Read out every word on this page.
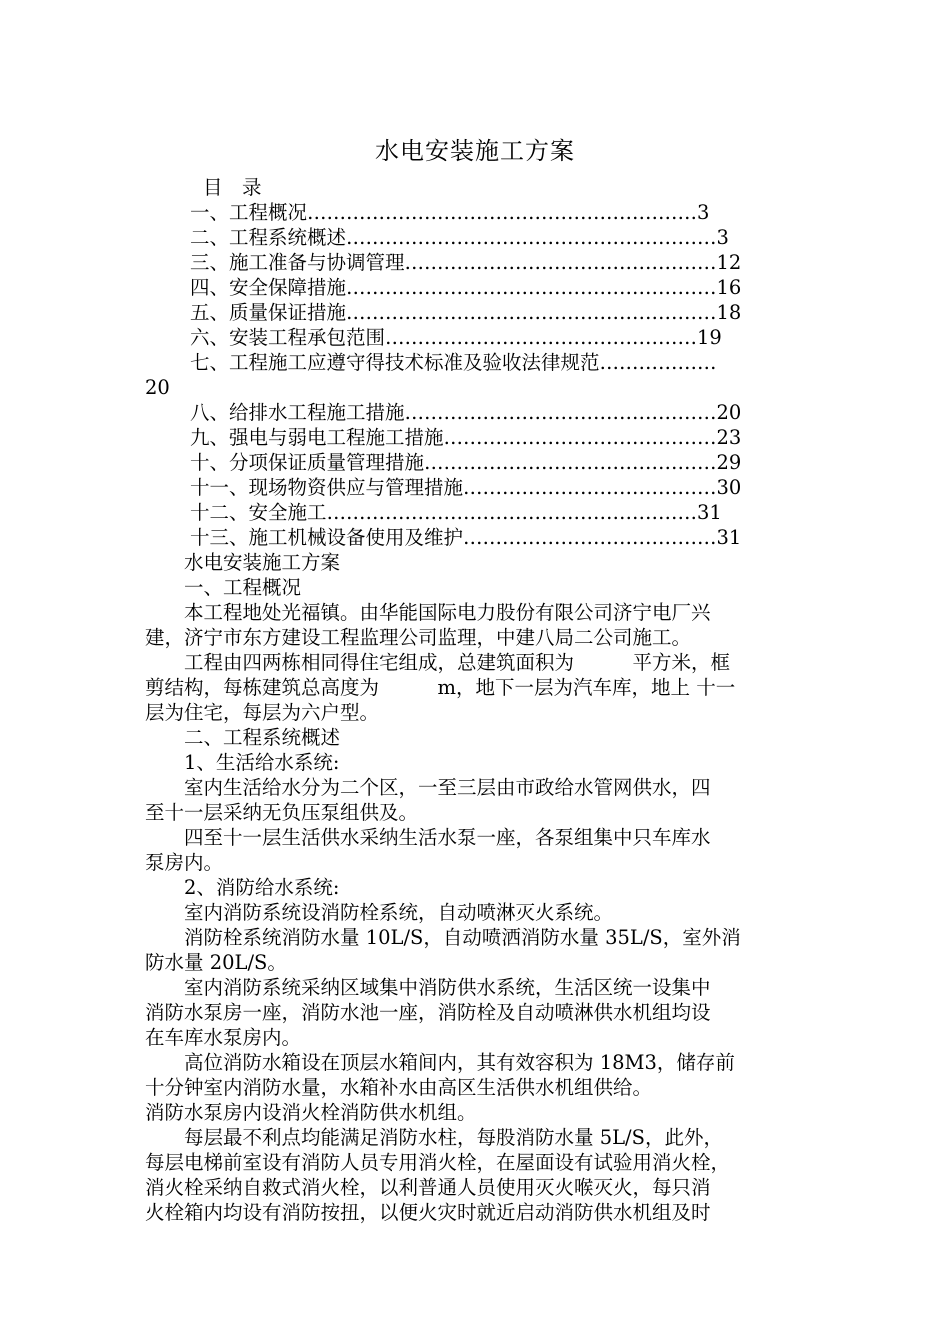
水电安装施工方案
目　录
一、工程概况……………………………………………………3
二、工程系统概述…………………………………………………3
三、施工准备与协调管理…………………………………………12
四、安全保障措施…………………………………………………16
五、质量保证措施…………………………………………………18
六、安装工程承包范围…………………………………………19
七、工程施工应遵守得技术标准及验收法律规范………………
20
八、给排水工程施工措施…………………………………………20
九、强电与弱电工程施工措施……………………………………23
十、分项保证质量管理措施………………………………………29
十一、现场物资供应与管理措施…………………………………30
十二、安全施工…………………………………………………31
十三、施工机械设备使用及维护…………………………………31
　　水电安装施工方案
　　一、工程概况
　　本工程地处光福镇。由华能国际电力股份有限公司济宁电厂兴
建，济宁市东方建设工程监理公司监理，中建八局二公司施工。
　　工程由四两栋相同得住宅组成，总建筑面积为　　　平方米，框
剪结构，每栋建筑总高度为　　　m，地下一层为汽车库，地上 十一
层为住宅，每层为六户型。
　　二、工程系统概述
　　1、生活给水系统:
　　室内生活给水分为二个区，一至三层由市政给水管网供水，四
至十一层采纳无负压泵组供及。
　　四至十一层生活供水采纳生活水泵一座，各泵组集中只车库水
泵房内。
　　2、消防给水系统:
　　室内消防系统设消防栓系统，自动喷淋灭火系统。
　　消防栓系统消防水量 10L/S，自动喷洒消防水量 35L/S，室外消
防水量 20L/S。
　　室内消防系统采纳区域集中消防供水系统，生活区统一设集中
消防水泵房一座，消防水池一座，消防栓及自动喷淋供水机组均设
在车库水泵房内。
　　高位消防水箱设在顶层水箱间内，其有效容积为 18M3，储存前
十分钟室内消防水量，水箱补水由高区生活供水机组供给。
消防水泵房内设消火栓消防供水机组。
　　每层最不利点均能满足消防水柱，每股消防水量 5L/S，此外，
每层电梯前室设有消防人员专用消火栓，在屋面设有试验用消火栓，
消火栓采纳自救式消火栓，以利普通人员使用灭火喉灭火，每只消
火栓箱内均设有消防按扭，以便火灾时就近启动消防供水机组及时
